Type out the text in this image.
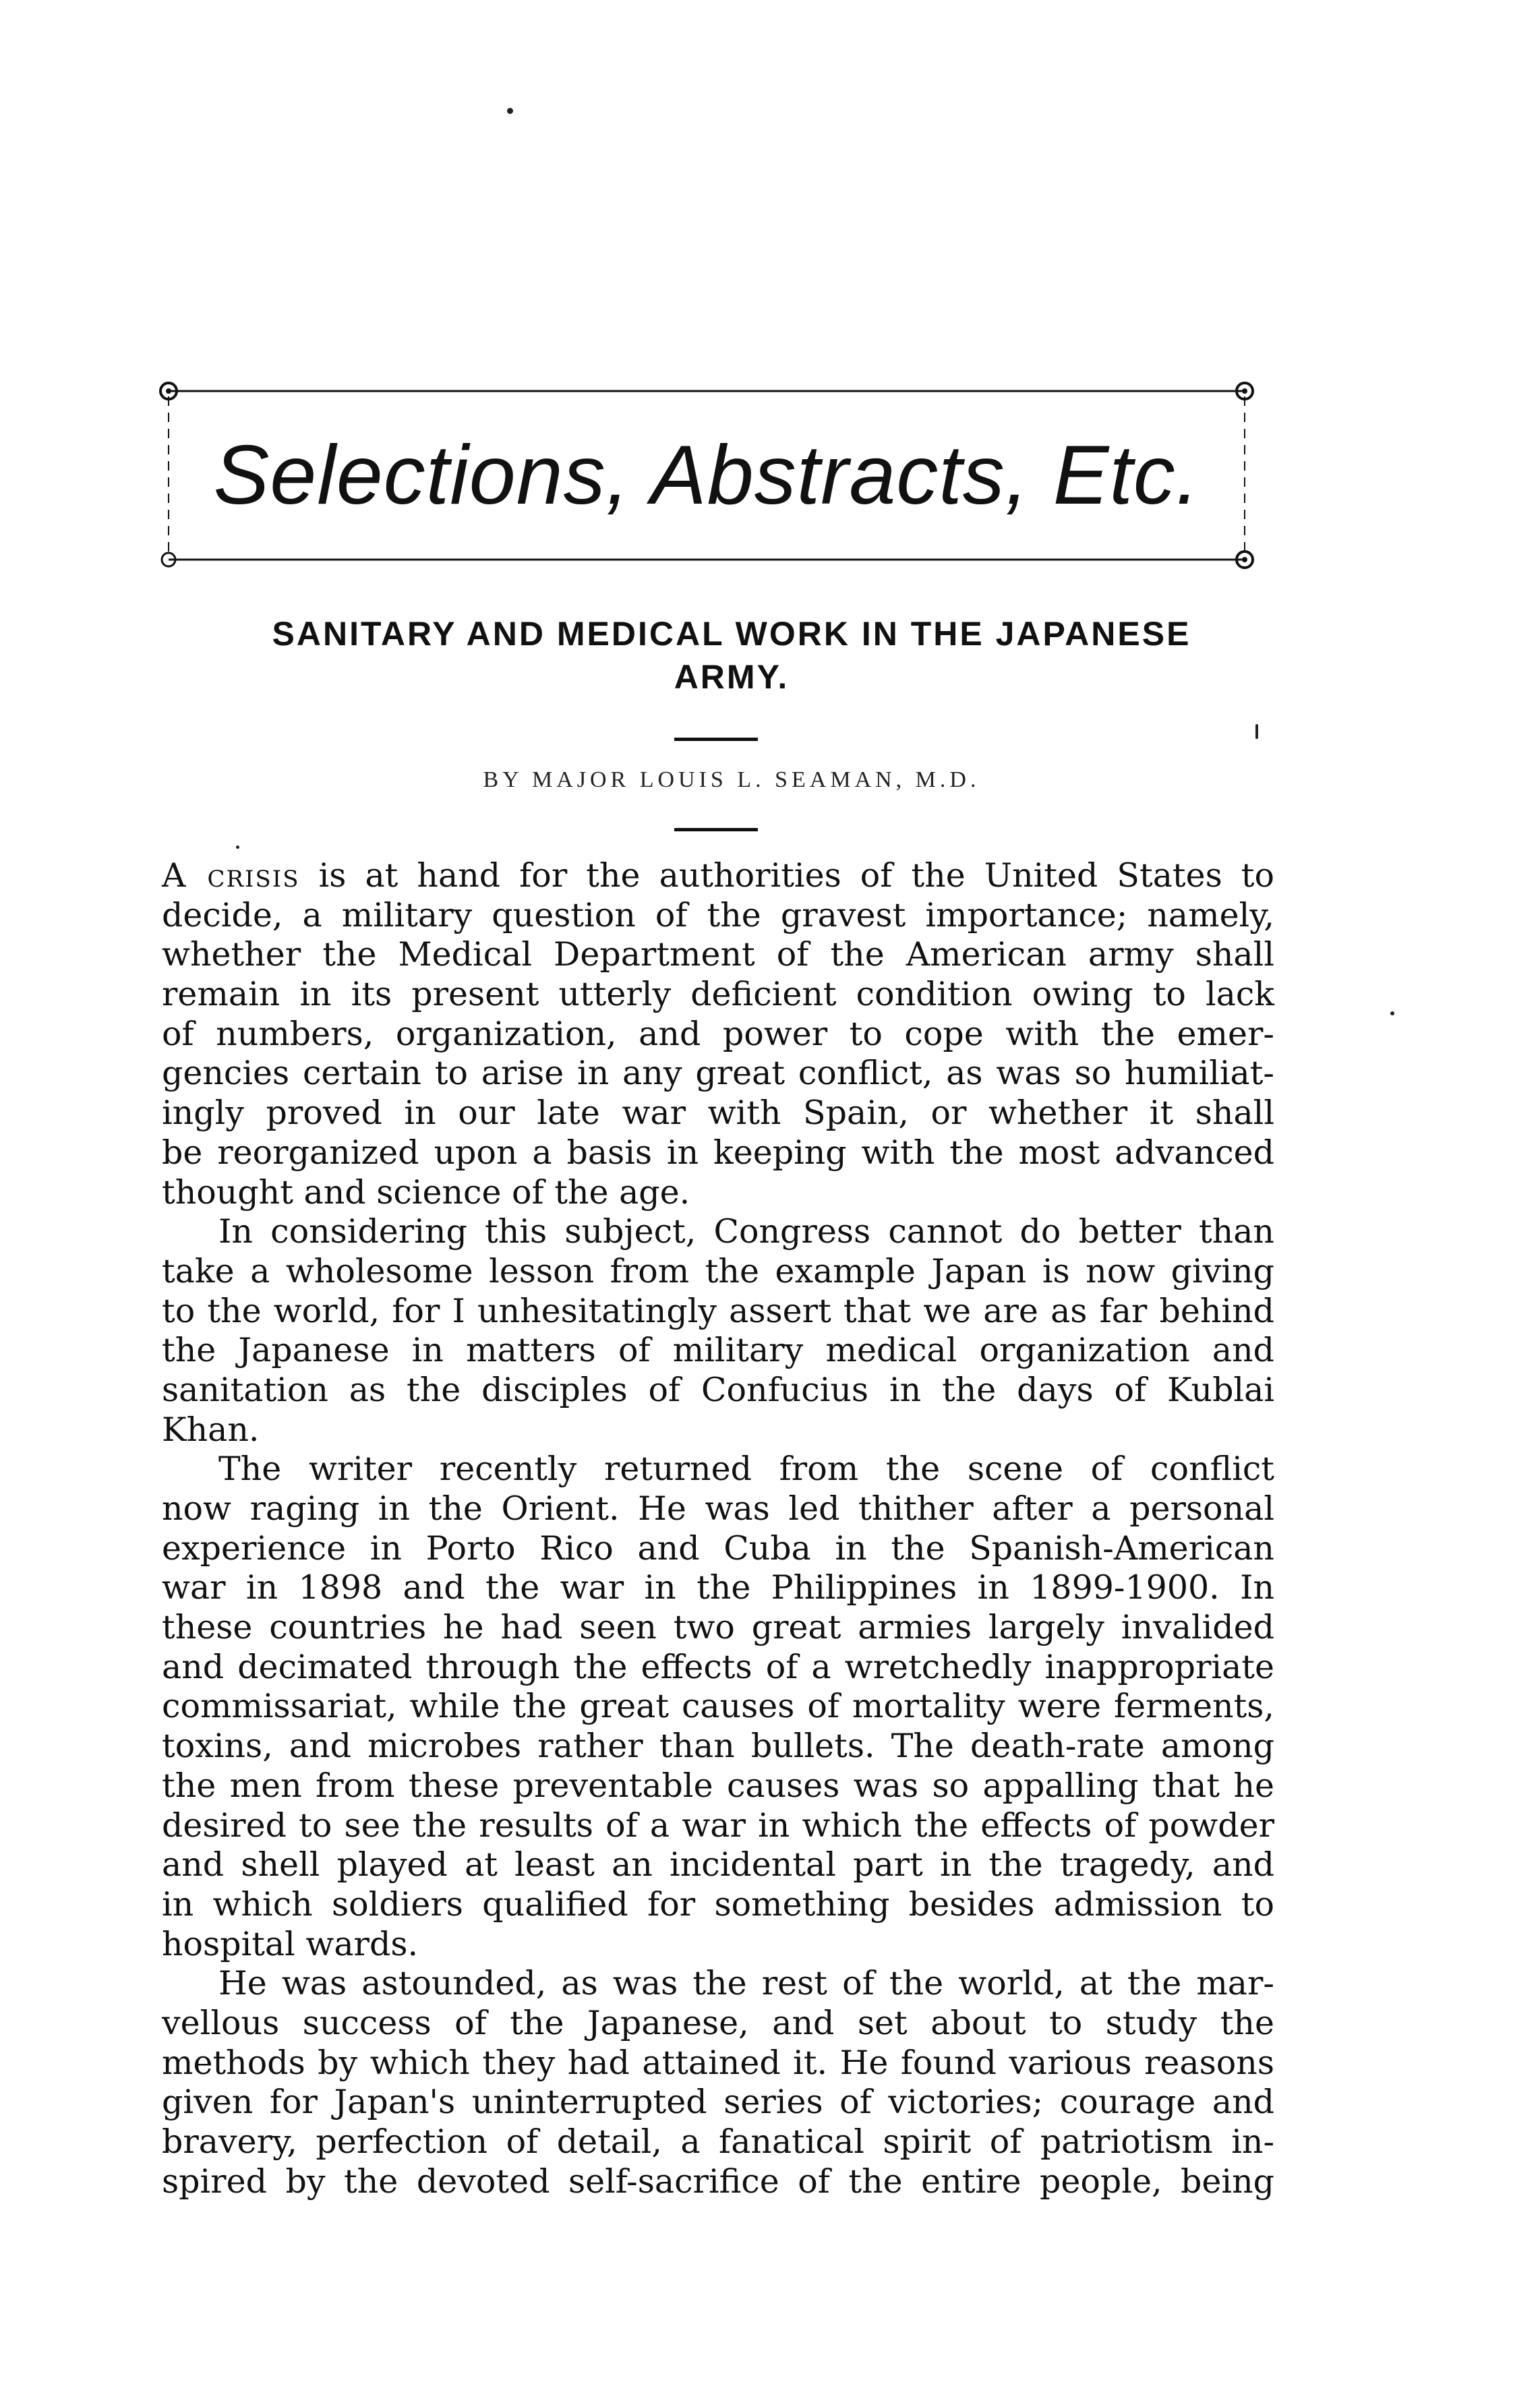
Selections, Abstracts, Etc.
SANITARY AND MEDICAL WORK IN THE JAPANESE
ARMY.
BY MAJOR LOUIS L. SEAMAN, M.D.
A crisis is at hand for the authorities of the United States to
decide, a military question of the gravest importance; namely,
whether the Medical Department of the American army shall
remain in its present utterly deficient condition owing to lack
of numbers, organization, and power to cope with the emer-
gencies certain to arise in any great conflict, as was so humiliat-
ingly proved in our late war with Spain, or whether it shall
be reorganized upon a basis in keeping with the most advanced
thought and science of the age.
In considering this subject, Congress cannot do better than
take a wholesome lesson from the example Japan is now giving
to the world, for I unhesitatingly assert that we are as far behind
the Japanese in matters of military medical organization and
sanitation as the disciples of Confucius in the days of Kublai
Khan.
The writer recently returned from the scene of conflict
now raging in the Orient. He was led thither after a personal
experience in Porto Rico and Cuba in the Spanish-American
war in 1898 and the war in the Philippines in 1899-1900. In
these countries he had seen two great armies largely invalided
and decimated through the effects of a wretchedly inappropriate
commissariat, while the great causes of mortality were ferments,
toxins, and microbes rather than bullets. The death-rate among
the men from these preventable causes was so appalling that he
desired to see the results of a war in which the effects of powder
and shell played at least an incidental part in the tragedy, and
in which soldiers qualified for something besides admission to
hospital wards.
He was astounded, as was the rest of the world, at the mar-
vellous success of the Japanese, and set about to study the
methods by which they had attained it. He found various reasons
given for Japan's uninterrupted series of victories; courage and
bravery, perfection of detail, a fanatical spirit of patriotism in-
spired by the devoted self-sacrifice of the entire people, being
